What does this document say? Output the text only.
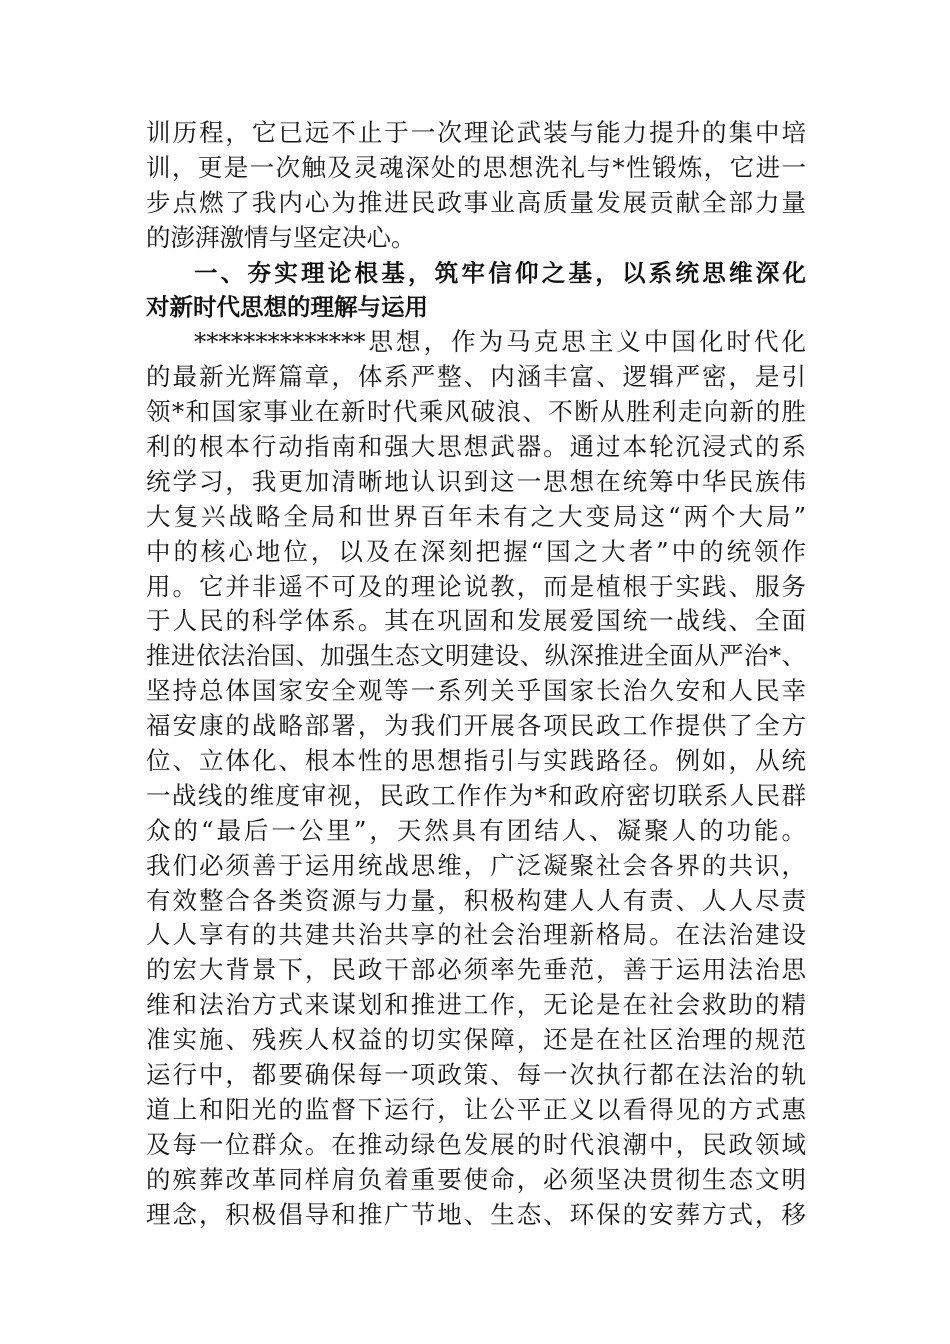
训历程，它已远不止于一次理论武装与能力提升的集中培
训，更是一次触及灵魂深处的思想洗礼与*性锻炼，它进一
步点燃了我内心为推进民政事业高质量发展贡献全部力量
的澎湃激情与坚定决心。
一、夯实理论根基，筑牢信仰之基，以系统思维深化
对新时代思想的理解与运用
**************思想，作为马克思主义中国化时代化
的最新光辉篇章，体系严整、内涵丰富、逻辑严密，是引
领*和国家事业在新时代乘风破浪、不断从胜利走向新的胜
利的根本行动指南和强大思想武器。通过本轮沉浸式的系
统学习，我更加清晰地认识到这一思想在统筹中华民族伟
大复兴战略全局和世界百年未有之大变局这“两个大局”
中的核心地位，以及在深刻把握“国之大者”中的统领作
用。它并非遥不可及的理论说教，而是植根于实践、服务
于人民的科学体系。其在巩固和发展爱国统一战线、全面
推进依法治国、加强生态文明建设、纵深推进全面从严治*、
坚持总体国家安全观等一系列关乎国家长治久安和人民幸
福安康的战略部署，为我们开展各项民政工作提供了全方
位、立体化、根本性的思想指引与实践路径。例如，从统
一战线的维度审视，民政工作作为*和政府密切联系人民群
众的“最后一公里”，天然具有团结人、凝聚人的功能。
我们必须善于运用统战思维，广泛凝聚社会各界的共识，
有效整合各类资源与力量，积极构建人人有责、人人尽责
人人享有的共建共治共享的社会治理新格局。在法治建设
的宏大背景下，民政干部必须率先垂范，善于运用法治思
维和法治方式来谋划和推进工作，无论是在社会救助的精
准实施、残疾人权益的切实保障，还是在社区治理的规范
运行中，都要确保每一项政策、每一次执行都在法治的轨
道上和阳光的监督下运行，让公平正义以看得见的方式惠
及每一位群众。在推动绿色发展的时代浪潮中，民政领域
的殡葬改革同样肩负着重要使命，必须坚决贯彻生态文明
理念，积极倡导和推广节地、生态、环保的安葬方式，移
